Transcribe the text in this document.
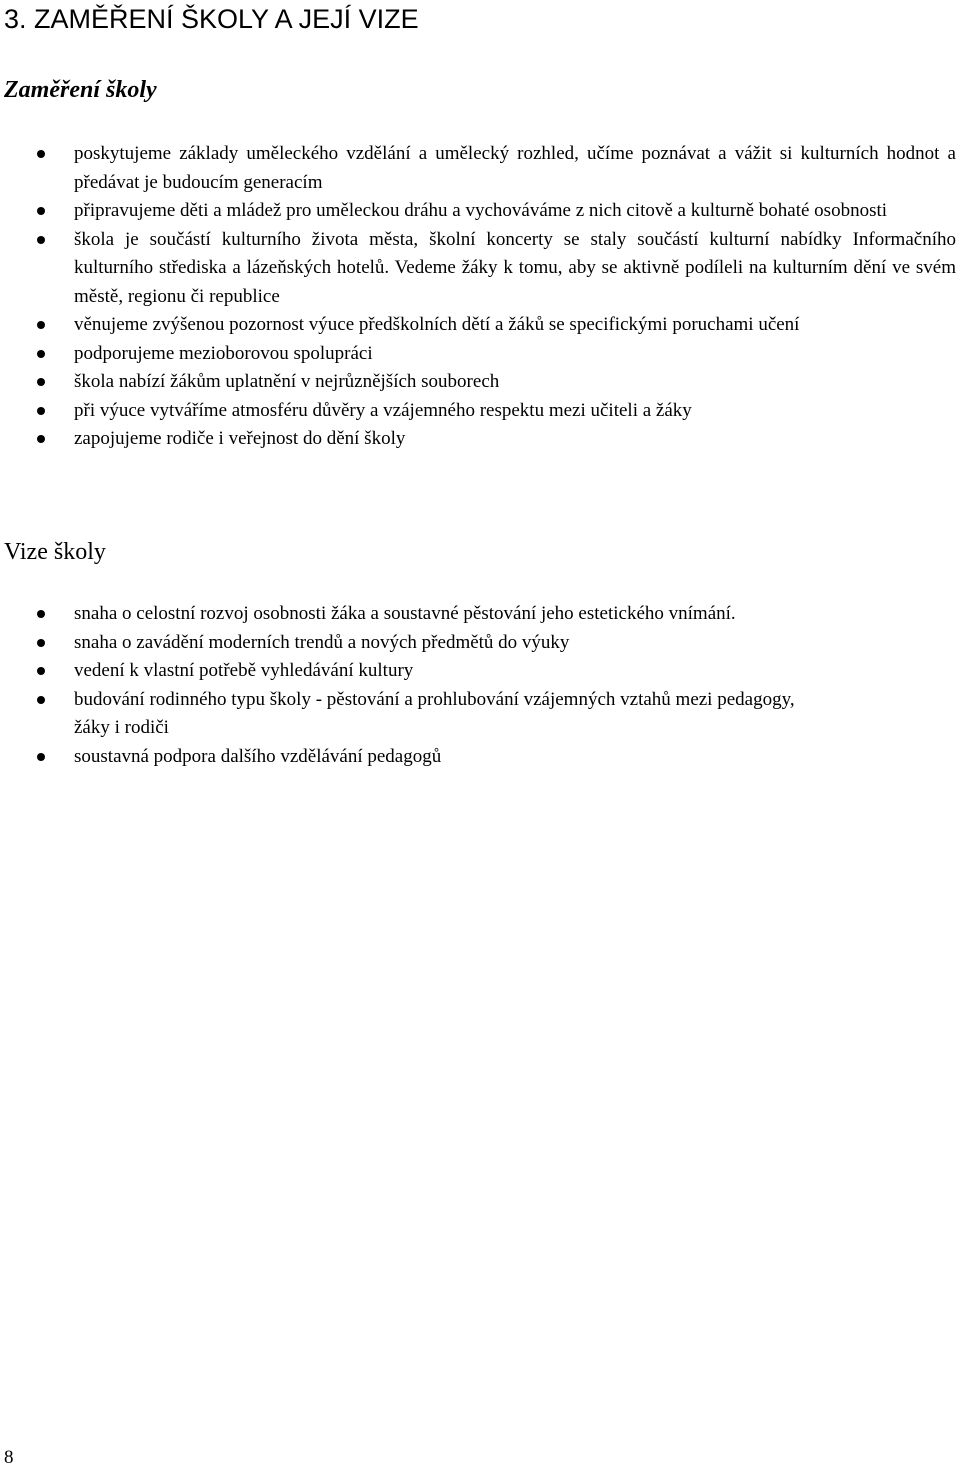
3. ZAMĚŘENÍ ŠKOLY A JEJÍ VIZE
Zaměření školy
poskytujeme základy uměleckého vzdělání a umělecký rozhled, učíme poznávat a vážit si kulturních hodnot a předávat je budoucím generacím
připravujeme děti a mládež pro uměleckou dráhu a vychováváme z nich citově a kulturně bohaté osobnosti
škola je součástí kulturního života města, školní koncerty se staly součástí kulturní nabídky Informačního kulturního střediska a lázeňských hotelů. Vedeme žáky k tomu, aby se aktivně podíleli na kulturním dění ve svém městě, regionu či republice
věnujeme zvýšenou pozornost výuce předškolních dětí a žáků se specifickými poruchami učení
podporujeme mezioborovou spolupráci
škola nabízí žákům uplatnění v nejrůznějších souborech
při výuce vytváříme atmosféru důvěry a vzájemného respektu mezi učiteli a žáky
zapojujeme rodiče i veřejnost do dění školy
Vize školy
snaha o celostní rozvoj osobnosti žáka a soustavné pěstování jeho estetického vnímání.
snaha o zavádění moderních trendů a nových předmětů do výuky
vedení k vlastní potřebě vyhledávání kultury
budování rodinného typu školy - pěstování a prohlubování vzájemných vztahů mezi pedagogy, žáky i rodiči
soustavná podpora dalšího vzdělávání pedagogů
8
